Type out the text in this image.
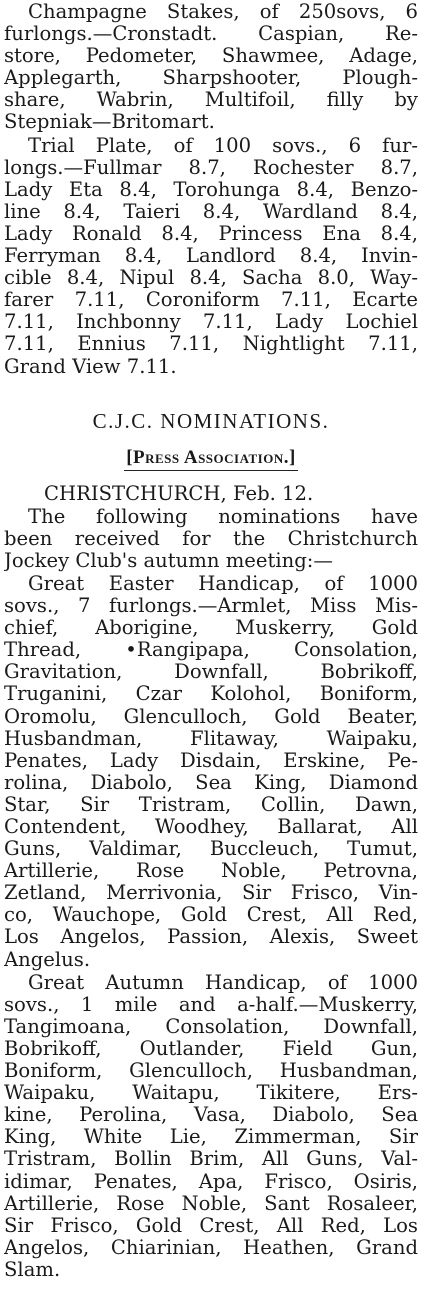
Champagne Stakes, of 250sovs, 6
furlongs.—Cronstadt. Caspian, Re-
store, Pedometer, Shawmee, Adage,
Applegarth, Sharpshooter, Plough-
share, Wabrin, Multifoil, filly by
Stepniak—Britomart.
Trial Plate, of 100 sovs., 6 fur-
longs.—Fullmar 8.7, Rochester 8.7,
Lady Eta 8.4, Torohunga 8.4, Benzo-
line 8.4, Taieri 8.4, Wardland 8.4,
Lady Ronald 8.4, Princess Ena 8.4,
Ferryman 8.4, Landlord 8.4, Invin-
cible 8.4, Nipul 8.4, Sacha 8.0, Way-
farer 7.11, Coroniform 7.11, Ecarte
7.11, Inchbonny 7.11, Lady Lochiel
7.11, Ennius 7.11, Nightlight 7.11,
Grand View 7.11.
C.J.C. NOMINATIONS.
[Press Association.]
CHRISTCHURCH, Feb. 12.
The following nominations have
been received for the Christchurch
Jockey Club's autumn meeting:—
Great Easter Handicap, of 1000
sovs., 7 furlongs.—Armlet, Miss Mis-
chief, Aborigine, Muskerry, Gold
Thread, •Rangipapa, Consolation,
Gravitation, Downfall, Bobrikoff,
Truganini, Czar Kolohol, Boniform,
Oromolu, Glenculloch, Gold Beater,
Husbandman, Flitaway, Waipaku,
Penates, Lady Disdain, Erskine, Pe-
rolina, Diabolo, Sea King, Diamond
Star, Sir Tristram, Collin, Dawn,
Contendent, Woodhey, Ballarat, All
Guns, Valdimar, Buccleuch, Tumut,
Artillerie, Rose Noble, Petrovna,
Zetland, Merrivonia, Sir Frisco, Vin-
co, Wauchope, Gold Crest, All Red,
Los Angelos, Passion, Alexis, Sweet
Angelus.
Great Autumn Handicap, of 1000
sovs., 1 mile and a-half.—Muskerry,
Tangimoana, Consolation, Downfall,
Bobrikoff, Outlander, Field Gun,
Boniform, Glenculloch, Husbandman,
Waipaku, Waitapu, Tikitere, Ers-
kine, Perolina, Vasa, Diabolo, Sea
King, White Lie, Zimmerman, Sir
Tristram, Bollin Brim, All Guns, Val-
idimar, Penates, Apa, Frisco, Osiris,
Artillerie, Rose Noble, Sant Rosaleer,
Sir Frisco, Gold Crest, All Red, Los
Angelos, Chiarinian, Heathen, Grand
Slam.
